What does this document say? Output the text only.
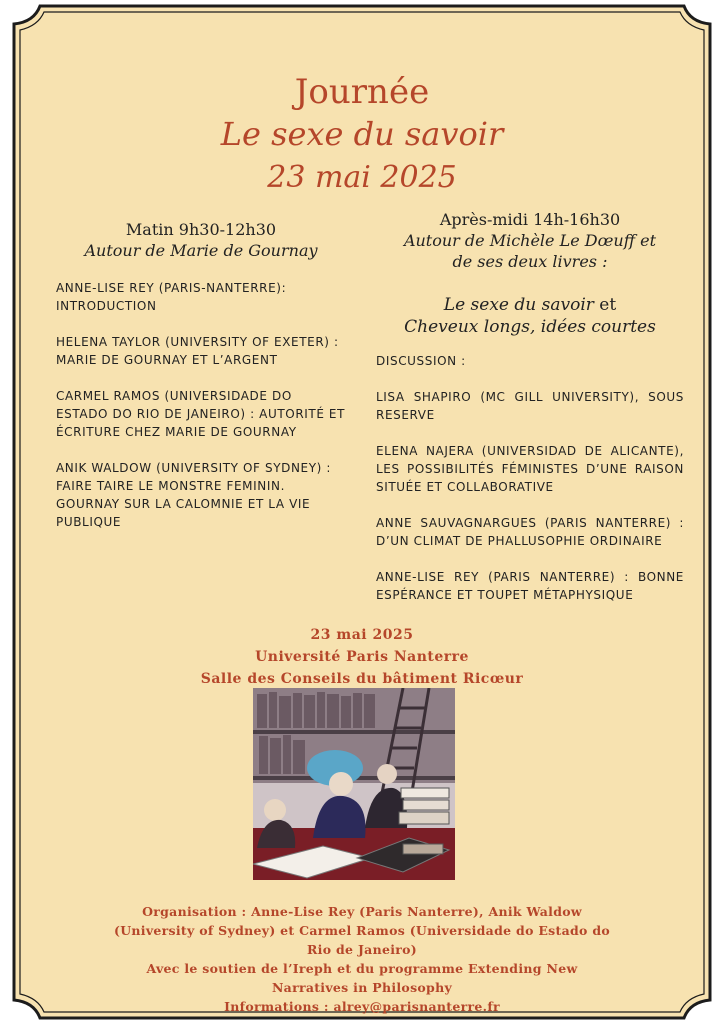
Journée
Le sexe du savoir
23 mai 2025
Matin 9h30-12h30
Autour de Marie de Gournay
ANNE-LISE REY (PARIS-NANTERRE): INTRODUCTION
HELENA TAYLOR (UNIVERSITY OF EXETER) : MARIE DE GOURNAY ET L’ARGENT
CARMEL RAMOS (UNIVERSIDADE DO ESTADO DO RIO DE JANEIRO) : AUTORITÉ ET ÉCRITURE CHEZ MARIE DE GOURNAY
ANIK WALDOW (UNIVERSITY OF SYDNEY) : FAIRE TAIRE LE MONSTRE FEMININ. GOURNAY SUR LA CALOMNIE ET LA VIE PUBLIQUE
Après-midi 14h-16h30
Autour de Michèle Le Dœuff et
de ses deux livres :
Le sexe du savoir et
Cheveux longs, idées courtes
DISCUSSION :
LISA SHAPIRO (MC GILL UNIVERSITY), SOUS RESERVE
ELENA NAJERA (UNIVERSIDAD DE ALICANTE), LES POSSIBILITÉS FÉMINISTES D’UNE RAISON SITUÉE ET COLLABORATIVE
ANNE SAUVAGNARGUES (PARIS NANTERRE) : D’UN CLIMAT DE PHALLUSOPHIE ORDINAIRE
ANNE-LISE REY (PARIS NANTERRE) : BONNE ESPÉRANCE ET TOUPET MÉTAPHYSIQUE
23 mai 2025
Université Paris Nanterre
Salle des Conseils du bâtiment Ricœur
Organisation : Anne-Lise Rey (Paris Nanterre), Anik Waldow
(University of Sydney) et Carmel Ramos (Universidade do Estado do
Rio de Janeiro)
Avec le soutien de l’Ireph et du programme Extending New
Narratives in Philosophy
Informations : alrey@parisnanterre.fr
